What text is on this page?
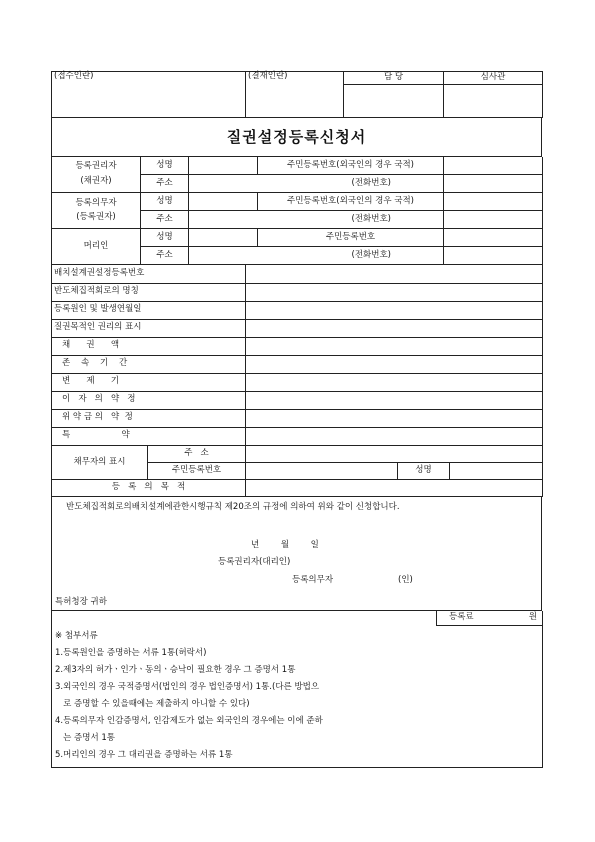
(접수인란)	(결재인란)	담 당	심사관

질권설정등록신청서
등록권리자
(채권자)	성명		주민등록번호(외국인의 경우 국적)	
	주소	(전화번호)		

등록의무자
(등록권자)	성명		주민등록번호(외국인의 경우 국적)	
	주소	(전화번호)		
머리인	성명		주민등록번호	
	주소	(전화번호)		
배치설계권설정등록번호	
반도체집적회로의 명칭	
등록원인 및 발생연월일	
질권목적인 권리의 표시	
채      권      액	
존    속    기    간	
변      제      기	
이   자   의   약   정	
위 약 금 의   약  정	
특                   약	
채무자의 표시	주   소			
	주민등록번호		성명	
등   록   의   목   적	
반도체집적회로의배치설계에관한시행규칙 제20조의 규정에 의하여 위와 같이 신청합니다.
년        월        일
등록권리자(대리인)
등록의무자	(인)
특허청장 귀하
	등록료	원

※ 첨부서류
1.등록원인을 증명하는 서류 1통(허락서)
2.제3자의 허가ㆍ인가ㆍ동의ㆍ승낙이 필요한 경우 그 증명서 1통
3.외국인의 경우 국적증명서(법인의 경우 법인증명서) 1통.(다른 방법으
로 증명할 수 있을때에는 제출하지 아니할 수 있다)
4.등록의무자 인감증명서, 인감제도가 없는 외국인의 경우에는 이에 준하
는 증명서 1통
5.머리인의 경우 그 대리권을 증명하는 서류 1통
